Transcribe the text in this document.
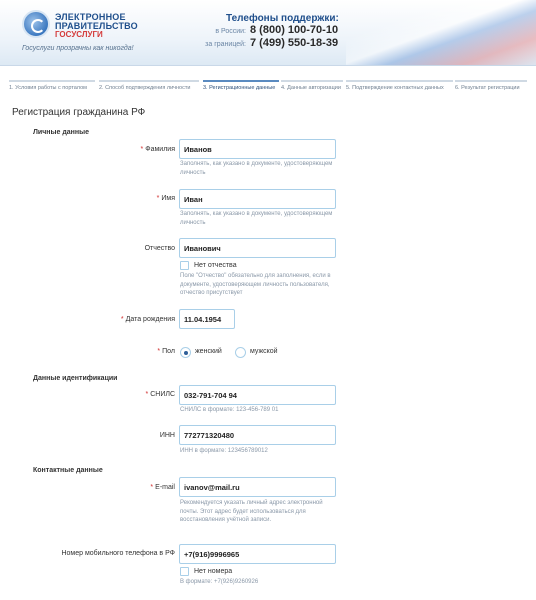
ЭЛЕКТРОННОЕ
ПРАВИТЕЛЬСТВО
ГОСУСЛУГИ
Госуслуги прозрачны как никогда!
Телефоны поддержки:
в России: 8 (800) 100-70-10
за границей: 7 (499) 550-18-39
1. Условия работы с порталом	2. Способ подтверждения личности	3. Регистрационные данные	4. Данные авторизации 5. Подтверждение контактных данных	6. Результат регистрации
Регистрация гражданина РФ
Личные данные
* Фамилия	Иванов
Заполнять, как указано в документе, удостоверяющем личность
* Имя	Иван
Заполнять, как указано в документе, удостоверяющем личность
Отчество	Иванович
Нет отчества
Поле "Отчество" обязательно для заполнения, если в документе, удостоверяющем личность пользователя, отчество присутствует
* Дата рождения	11.04.1954
* Пол	женский	мужской
Данные идентификации
* СНИЛС	032-791-704 94
СНИЛС в формате: 123-456-789 01
ИНН	772771320480
ИНН в формате: 123456789012
Контактные данные
* E-mail	ivanov@mail.ru
Рекомендуется указать личный адрес электронной почты. Этот адрес будет использоваться для восстановления учётной записи.
Номер мобильного телефона в РФ	+7(916)9996965
Нет номера
В формате: +7(926)9260926
